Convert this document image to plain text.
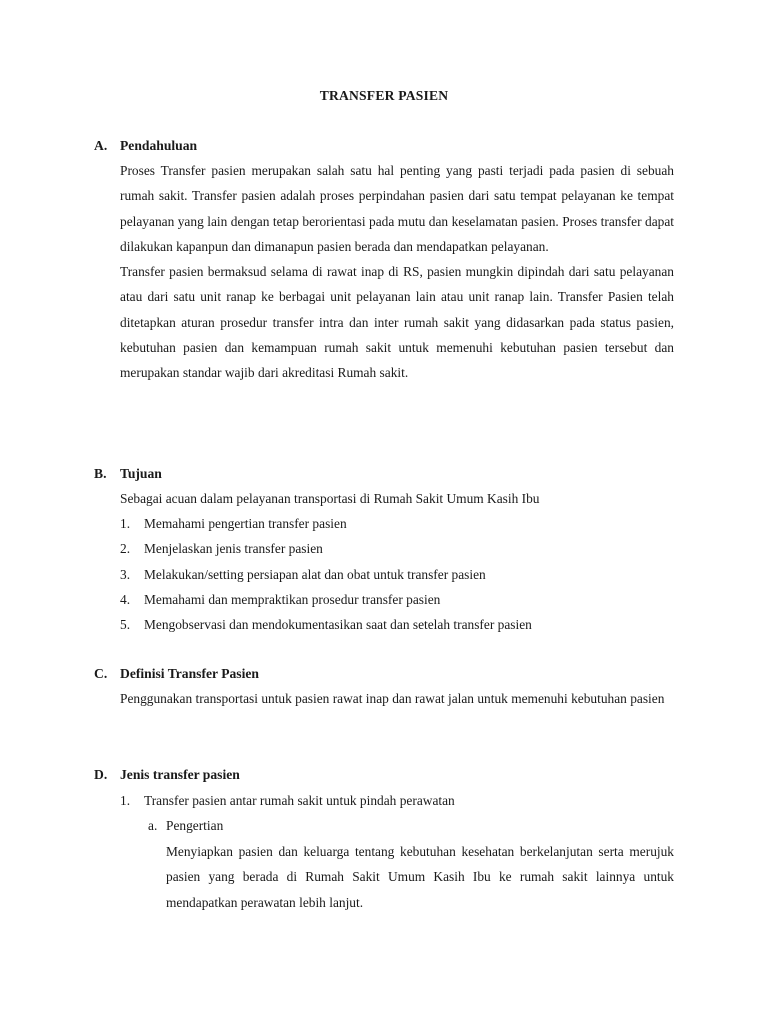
TRANSFER PASIEN
A. Pendahuluan

Proses Transfer pasien merupakan salah satu hal penting yang pasti terjadi pada pasien di sebuah rumah sakit. Transfer pasien adalah proses perpindahan pasien dari satu tempat pelayanan ke tempat pelayanan yang lain dengan tetap berorientasi pada mutu dan keselamatan pasien. Proses transfer dapat dilakukan kapanpun dan dimanapun pasien berada dan mendapatkan pelayanan.

Transfer pasien bermaksud selama di rawat inap di RS, pasien mungkin dipindah dari satu pelayanan atau dari satu unit ranap ke berbagai unit pelayanan lain atau unit ranap lain. Transfer Pasien telah ditetapkan aturan prosedur transfer intra dan inter rumah sakit yang didasarkan pada status pasien, kebutuhan pasien dan kemampuan rumah sakit untuk memenuhi kebutuhan pasien tersebut dan merupakan standar wajib dari akreditasi Rumah sakit.

B. Tujuan
Sebagai acuan dalam pelayanan transportasi di Rumah Sakit Umum Kasih Ibu
1. Memahami pengertian transfer pasien
2. Menjelaskan jenis transfer pasien
3. Melakukan/setting persiapan alat dan obat untuk transfer pasien
4. Memahami dan mempraktikan prosedur transfer pasien
5. Mengobservasi dan mendokumentasikan saat dan setelah transfer pasien
C. Definisi Transfer Pasien
Penggunakan transportasi untuk pasien rawat inap dan rawat jalan untuk memenuhi kebutuhan pasien
D. Jenis transfer pasien
1. Transfer pasien antar rumah sakit untuk pindah perawatan
a. Pengertian
Menyiapkan pasien dan keluarga tentang kebutuhan kesehatan berkelanjutan serta merujuk pasien yang berada di Rumah Sakit Umum Kasih Ibu ke rumah sakit lainnya untuk mendapatkan perawatan lebih lanjut.
